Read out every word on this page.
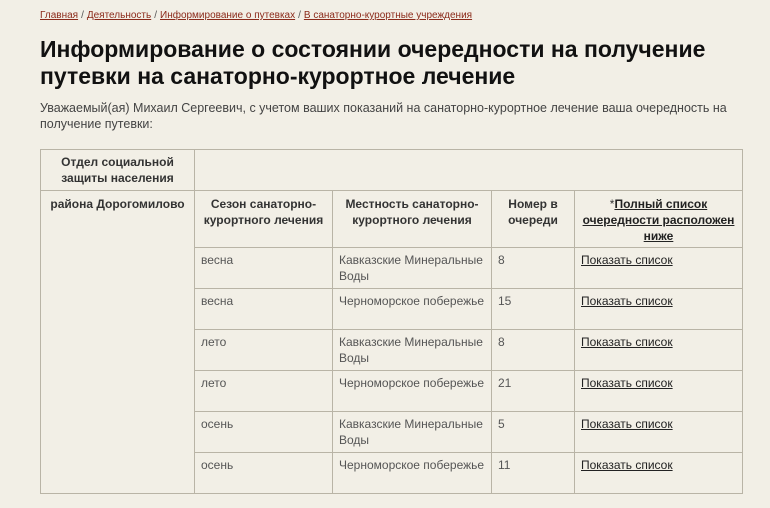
Главная / Деятельность / Информирование о путевках / В санаторно-курортные учреждения
Информирование о состоянии очередности на получение путевки на санаторно-курортное лечение

Уважаемый(ая) Михаил Сергеевич, с учетом ваших показаний на санаторно-курортное лечение ваша очередность на получение путевки:

Отдел социальной защиты населения				
района Дорогомилово	Сезон санаторно-курортного лечения	Местность санаторно-курортного лечения	Номер в очереди	*Полный список очередности расположен ниже
	весна	Кавказские Минеральные Воды	8	Показать список
	весна	Черноморское побережье	15	Показать список
	лето	Кавказские Минеральные Воды	8	Показать список
	лето	Черноморское побережье	21	Показать список
	осень	Кавказские Минеральные Воды	5	Показать список
	осень	Черноморское побережье	11	Показать список
